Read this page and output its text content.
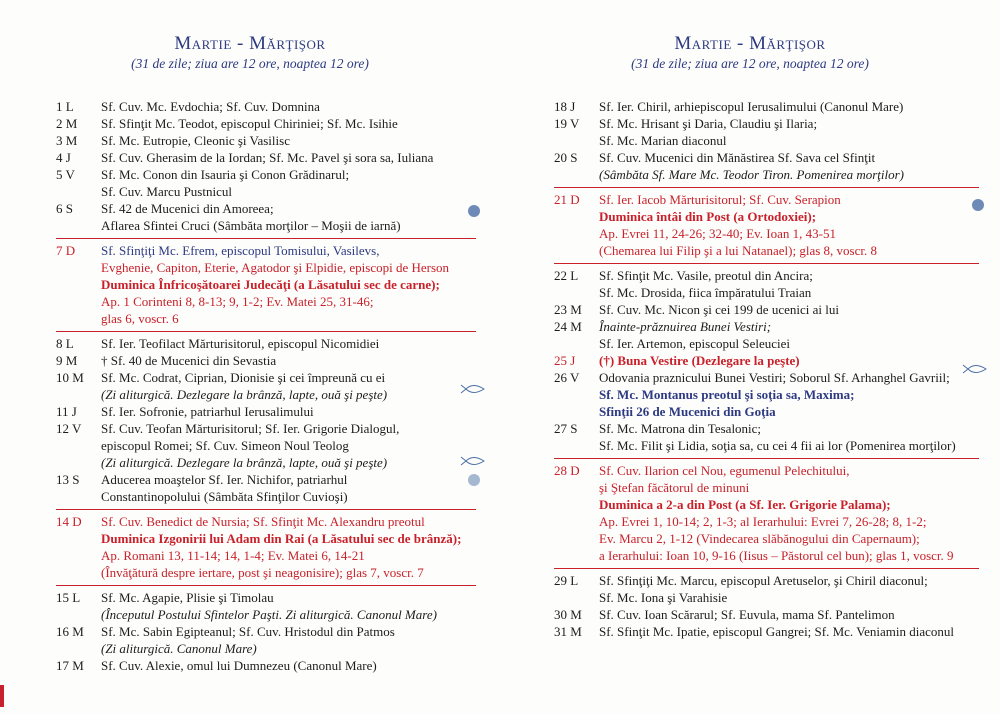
Martie - Mărţişor
(31 de zile; ziua are 12 ore, noaptea 12 ore)
1 L	Sf. Cuv. Mc. Evdochia; Sf. Cuv. Domnina
2 M	Sf. Sfinţit Mc. Teodot, episcopul Chiriniei; Sf. Mc. Isihie
3 M	Sf. Mc. Eutropie, Cleonic şi Vasilisc
4 J	Sf. Cuv. Gherasim de la Iordan; Sf. Mc. Pavel şi sora sa, Iuliana
5 V	Sf. Mc. Conon din Isauria şi Conon Grădinarul;
Sf. Cuv. Marcu Pustnicul
6 S	Sf. 42 de Mucenici din Amoreea;
Aflarea Sfintei Cruci (Sâmbăta morţilor – Moşii de iarnă)
7 D	Sf. Sfinţiţi Mc. Efrem, episcopul Tomisului, Vasilevs,
Evghenie, Capiton, Eterie, Agatodor şi Elpidie, episcopi de Herson
Duminica Înfricoşătoarei Judecăţi (a Lăsatului sec de carne);
Ap. 1 Corinteni 8, 8-13; 9, 1-2; Ev. Matei 25, 31-46;
glas 6, voscr. 6
8 L	Sf. Ier. Teofilact Mărturisitorul, episcopul Nicomidiei
9 M	† Sf. 40 de Mucenici din Sevastia
10 M	Sf. Mc. Codrat, Ciprian, Dionisie şi cei împreună cu ei
(Zi aliturgică. Dezlegare la brânză, lapte, ouă şi peşte)
11 J	Sf. Ier. Sofronie, patriarhul Ierusalimului
12 V	Sf. Cuv. Teofan Mărturisitorul; Sf. Ier. Grigorie Dialogul,
episcopul Romei; Sf. Cuv. Simeon Noul Teolog
(Zi aliturgică. Dezlegare la brânză, lapte, ouă şi peşte)
13 S	Aducerea moaştelor Sf. Ier. Nichifor, patriarhul
Constantinopolului (Sâmbăta Sfinţilor Cuvioşi)
14 D	Sf. Cuv. Benedict de Nursia; Sf. Sfinţit Mc. Alexandru preotul
Duminica Izgonirii lui Adam din Rai (a Lăsatului sec de brânză);
Ap. Romani 13, 11-14; 14, 1-4; Ev. Matei 6, 14-21
(Învăţătură despre iertare, post şi neagonisire); glas 7, voscr. 7
15 L	Sf. Mc. Agapie, Plisie şi Timolau
(Începutul Postului Sfintelor Paşti. Zi aliturgică. Canonul Mare)
16 M	Sf. Mc. Sabin Egipteanul; Sf. Cuv. Hristodul din Patmos
(Zi aliturgică. Canonul Mare)
17 M	Sf. Cuv. Alexie, omul lui Dumnezeu (Canonul Mare)
Martie - Mărţişor
(31 de zile; ziua are 12 ore, noaptea 12 ore)
18 J	Sf. Ier. Chiril, arhiepiscopul Ierusalimului (Canonul Mare)
19 V	Sf. Mc. Hrisant şi Daria, Claudiu şi Ilaria;
Sf. Mc. Marian diaconul
20 S	Sf. Cuv. Mucenici din Mănăstirea Sf. Sava cel Sfinţit
(Sâmbăta Sf. Mare Mc. Teodor Tiron. Pomenirea morţilor)
21 D	Sf. Ier. Iacob Mărturisitorul; Sf. Cuv. Serapion
Duminica întâi din Post (a Ortodoxiei);
Ap. Evrei 11, 24-26; 32-40; Ev. Ioan 1, 43-51
(Chemarea lui Filip şi a lui Natanael); glas 8, voscr. 8
22 L	Sf. Sfinţit Mc. Vasile, preotul din Ancira;
Sf. Mc. Drosida, fiica împăratului Traian
23 M	Sf. Cuv. Mc. Nicon şi cei 199 de ucenici ai lui
24 M	Înainte-prăznuirea Bunei Vestiri;
Sf. Ier. Artemon, episcopul Seleuciei
25 J	(†) Buna Vestire (Dezlegare la peşte)
26 V	Odovania praznicului Bunei Vestiri; Soborul Sf. Arhanghel Gavriil;
Sf. Mc. Montanus preotul şi soţia sa, Maxima;
Sfinţii 26 de Mucenici din Goţia
27 S	Sf. Mc. Matrona din Tesalonic;
Sf. Mc. Filit şi Lidia, soţia sa, cu cei 4 fii ai lor (Pomenirea morţilor)
28 D	Sf. Cuv. Ilarion cel Nou, egumenul Pelechitului,
şi Ştefan făcătorul de minuni
Duminica a 2-a din Post (a Sf. Ier. Grigorie Palama);
Ap. Evrei 1, 10-14; 2, 1-3; al Ierarhului: Evrei 7, 26-28; 8, 1-2;
Ev. Marcu 2, 1-12 (Vindecarea slăbănogului din Capernaum);
a Ierarhului: Ioan 10, 9-16 (Iisus – Păstorul cel bun); glas 1, voscr. 9
29 L	Sf. Sfinţiţi Mc. Marcu, episcopul Aretuselor, şi Chiril diaconul;
Sf. Mc. Iona şi Varahisie
30 M	Sf. Cuv. Ioan Scărarul; Sf. Euvula, mama Sf. Pantelimon
31 M	Sf. Sfinţit Mc. Ipatie, episcopul Gangrei; Sf. Mc. Veniamin diaconul
